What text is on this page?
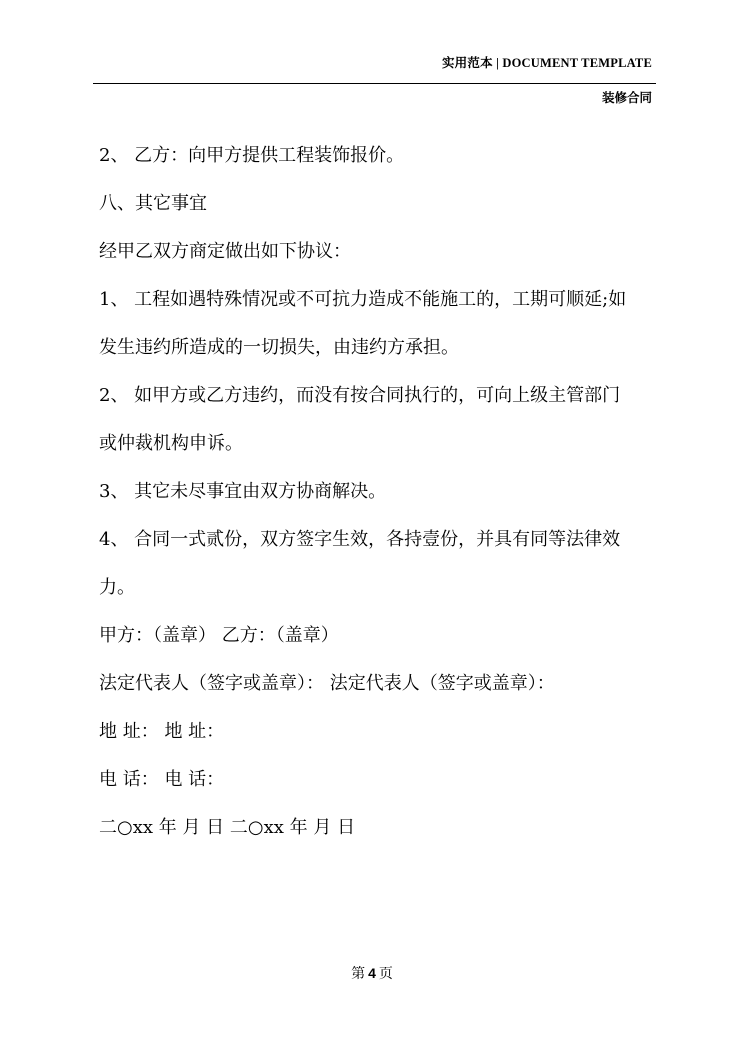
实用范本 | DOCUMENT TEMPLATE
装修合同

2、 乙方：向甲方提供工程装饰报价。

八、其它事宜

经甲乙双方商定做出如下协议：

1、 工程如遇特殊情况或不可抗力造成不能施工的，工期可顺延;如

发生违约所造成的一切损失，由违约方承担。

2、 如甲方或乙方违约，而没有按合同执行的，可向上级主管部门

或仲裁机构申诉。

3、 其它未尽事宜由双方协商解决。

4、 合同一式贰份，双方签字生效，各持壹份，并具有同等法律效

力。

甲方：（盖章） 乙方：（盖章）

法定代表人（签字或盖章）： 法定代表人（签字或盖章）：

地 址： 地 址：

电 话： 电 话：

二○xx 年 月 日 二○xx 年 月 日

第 4 页
